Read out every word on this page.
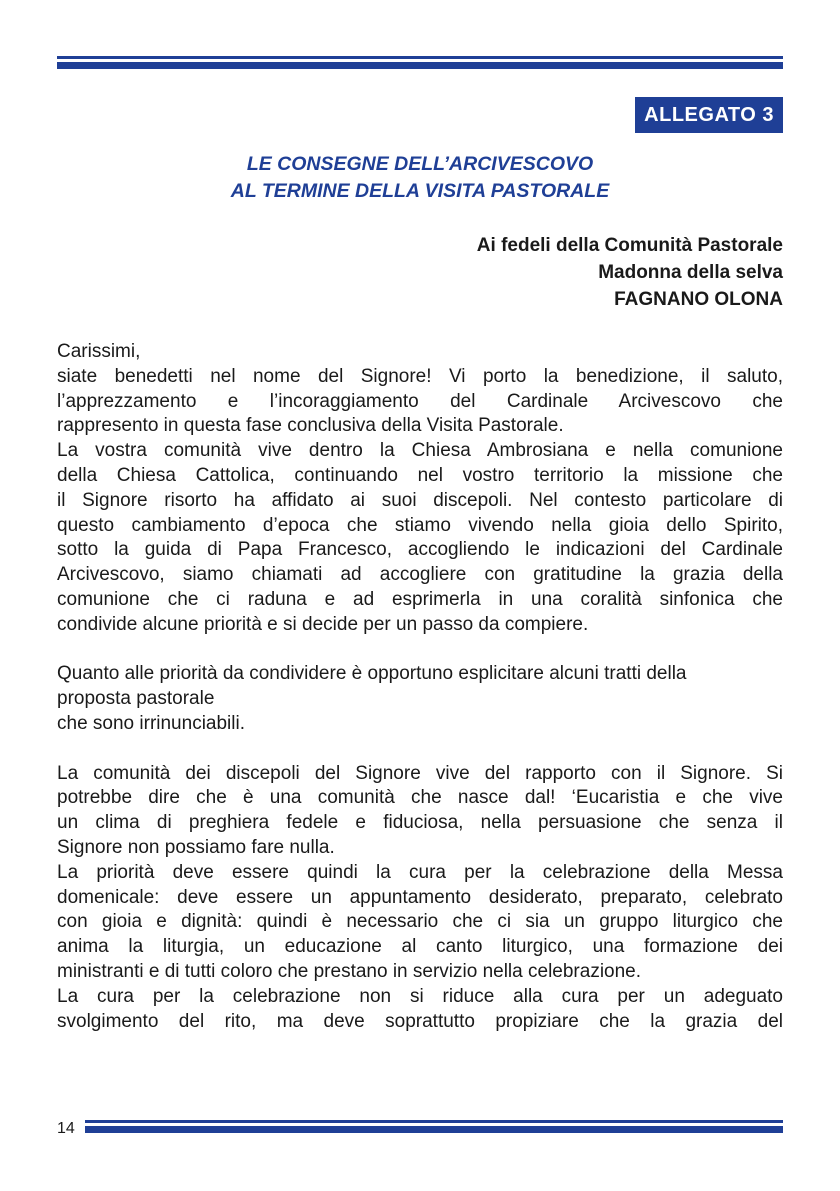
ALLEGATO 3
LE CONSEGNE DELL’ARCIVESCOVO
AL TERMINE DELLA VISITA PASTORALE
Ai fedeli della Comunità Pastorale
Madonna della selva
FAGNANO OLONA
Carissimi,
siate benedetti nel nome del Signore! Vi porto la benedizione, il saluto,
l’apprezzamento e l’incoraggiamento del Cardinale Arcivescovo che
rappresento in questa fase conclusiva della Visita Pastorale.
La vostra comunità vive dentro la Chiesa Ambrosiana e nella comunione
della Chiesa Cattolica, continuando nel vostro territorio la missione che
il Signore risorto ha affidato ai suoi discepoli. Nel contesto particolare di
questo cambiamento d’epoca che stiamo vivendo nella gioia dello Spirito,
sotto la guida di Papa Francesco, accogliendo le indicazioni del Cardinale
Arcivescovo, siamo chiamati ad accogliere con gratitudine la grazia della
comunione che ci raduna e ad esprimerla in una coralità sinfonica che
condivide alcune priorità e si decide per un passo da compiere.
Quanto alle priorità da condividere è opportuno esplicitare alcuni tratti della
proposta pastorale
che sono irrinunciabili.
La comunità dei discepoli del Signore vive del rapporto con il Signore. Si
potrebbe dire che è una comunità che nasce dal! ‘Eucaristia e che vive
un clima di preghiera fedele e fiduciosa, nella persuasione che senza il
Signore non possiamo fare nulla.
La priorità deve essere quindi la cura per la celebrazione della Messa
domenicale: deve essere un appuntamento desiderato, preparato, celebrato
con gioia e dignità: quindi è necessario che ci sia un gruppo liturgico che
anima la liturgia, un educazione al canto liturgico, una formazione dei
ministranti e di tutti coloro che prestano in servizio nella celebrazione.
La cura per la celebrazione non si riduce alla cura per un adeguato
svolgimento del rito, ma deve soprattutto propiziare che la grazia del
14
